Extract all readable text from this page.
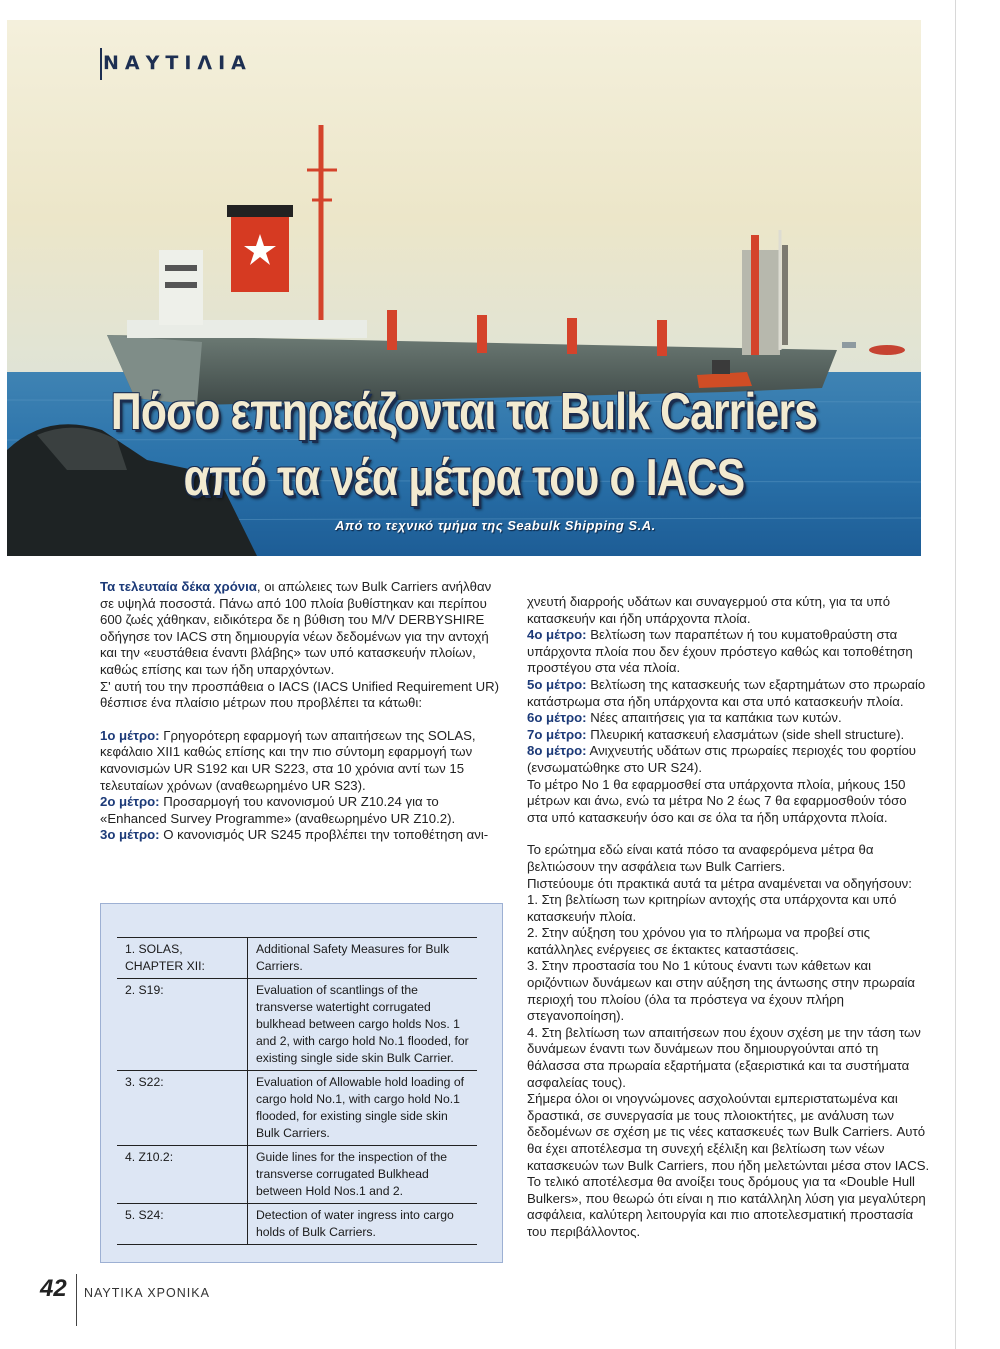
Πόσο επηρεάζονται τα Bulk Carriers
από τα νέα μέτρα του ο IACS
ΝΑΥΤΙΛΙΑ
Από το τεχνικό τμήμα της Seabulk Shipping S.A.

Τα τελευταία δέκα χρόνια, οι απώλειες των Bulk Carriers ανήλθαν σε υψηλά ποσοστά. Πάνω από 100 πλοία βυθίστηκαν και περίπου 600 ζωές χάθηκαν, ειδικότερα δε η βύθιση του M/V DERBYSHIRE οδήγησε τον IACS στη δημιουργία νέων δεδομένων για την αντοχή και την «ευστάθεια έναντι βλάβης» των υπό κατασκευήν πλοίων, καθώς επίσης και των ήδη υπαρχόντων.

Σ' αυτή του την προσπάθεια ο IACS (IACS Unified Requirement UR) θέσπισε ένα πλαίσιο μέτρων που προβλέπει τα κάτωθι:

1ο μέτρο: Γρηγορότερη εφαρμογή των απαιτήσεων της SOLAS, κεφάλαιο XII1 καθώς επίσης και την πιο σύντομη εφαρμογή των κανονισμών UR S192 και UR S223, στα 10 χρόνια αντί των 15 τελευταίων χρόνων (αναθεωρημένο UR S23).

2ο μέτρο: Προσαρμογή του κανονισμού UR Z10.24 για το «Enhanced Survey Programme» (αναθεωρημένο UR Z10.2).

3ο μέτρο: Ο κανονισμός UR S245 προβλέπει την τοποθέτηση ανι-

1. SOLAS, CHAPTER XII:	Additional Safety Measures for Bulk Carriers.
2. S19:	Evaluation of scantlings of the transverse watertight corrugated bulkhead between cargo holds Nos. 1 and 2, with cargo hold No.1 flooded, for existing single side skin Bulk Carrier.
3. S22:	Evaluation of Allowable hold loading of cargo hold No.1, with cargo hold No.1 flooded, for existing single side skin Bulk Carriers.
4. Z10.2:	Guide lines for the inspection of the transverse corrugated Bulkhead between Hold Nos.1 and 2.
5. S24:	Detection of water ingress into cargo holds of Bulk Carriers.

χνευτή διαρροής υδάτων και συναγερμού στα κύτη, για τα υπό κατασκευήν και ήδη υπάρχοντα πλοία.

4ο μέτρο: Βελτίωση των παραπέτων ή του κυματοθραύστη στα υπάρχοντα πλοία που δεν έχουν πρόστεγο καθώς και τοποθέτηση προστέγου στα νέα πλοία.

5ο μέτρο: Βελτίωση της κατασκευής των εξαρτημάτων στο πρωραίο κατάστρωμα στα ήδη υπάρχοντα και στα υπό κατασκευήν πλοία.

6ο μέτρο: Νέες απαιτήσεις για τα καπάκια των κυτών.

7ο μέτρο: Πλευρική κατασκευή ελασμάτων (side shell structure).

8ο μέτρο: Ανιχνευτής υδάτων στις πρωραίες περιοχές του φορτίου (ενσωματώθηκε στο UR S24).

Το μέτρο Νο 1 θα εφαρμοσθεί στα υπάρχοντα πλοία, μήκους 150 μέτρων και άνω, ενώ τα μέτρα Νο 2 έως 7 θα εφαρμοσθούν τόσο στα υπό κατασκευήν όσο και σε όλα τα ήδη υπάρχοντα πλοία.

Το ερώτημα εδώ είναι κατά πόσο τα αναφερόμενα μέτρα θα βελτιώσουν την ασφάλεια των Bulk Carriers.

Πιστεύουμε ότι πρακτικά αυτά τα μέτρα αναμένεται να οδηγήσουν:

1. Στη βελτίωση των κριτηρίων αντοχής στα υπάρχοντα και υπό κατασκευήν πλοία.

2. Στην αύξηση του χρόνου για το πλήρωμα να προβεί στις κατάλληλες ενέργειες σε έκτακτες καταστάσεις.

3. Στην προστασία του Νο 1 κύτους έναντι των κάθετων και οριζόντιων δυνάμεων και στην αύξηση της άντωσης στην πρωραία περιοχή του πλοίου (όλα τα πρόστεγα να έχουν πλήρη στεγανοποίηση).

4. Στη βελτίωση των απαιτήσεων που έχουν σχέση με την τάση των δυνάμεων έναντι των δυνάμεων που δημιουργούνται από τη θάλασσα στα πρωραία εξαρτήματα (εξαεριστικά και τα συστήματα ασφαλείας τους).

Σήμερα όλοι οι νηογνώμονες ασχολούνται εμπεριστατωμένα και δραστικά, σε συνεργασία με τους πλοιοκτήτες, με ανάλυση των δεδομένων σε σχέση με τις νέες κατασκευές των Bulk Carriers. Αυτό θα έχει αποτέλεσμα τη συνεχή εξέλιξη και βελτίωση των νέων κατασκευών των Bulk Carriers, που ήδη μελετώνται μέσα στον IACS.

Το τελικό αποτέλεσμα θα ανοίξει τους δρόμους για τα «Double Hull Bulkers», που θεωρώ ότι είναι η πιο κατάλληλη λύση για μεγαλύτερη ασφάλεια, καλύτερη λειτουργία και πιο αποτελεσματική προστασία του περιβάλλοντος.

42 ΝΑΥΤΙΚΑ ΧΡΟΝΙΚΑ
